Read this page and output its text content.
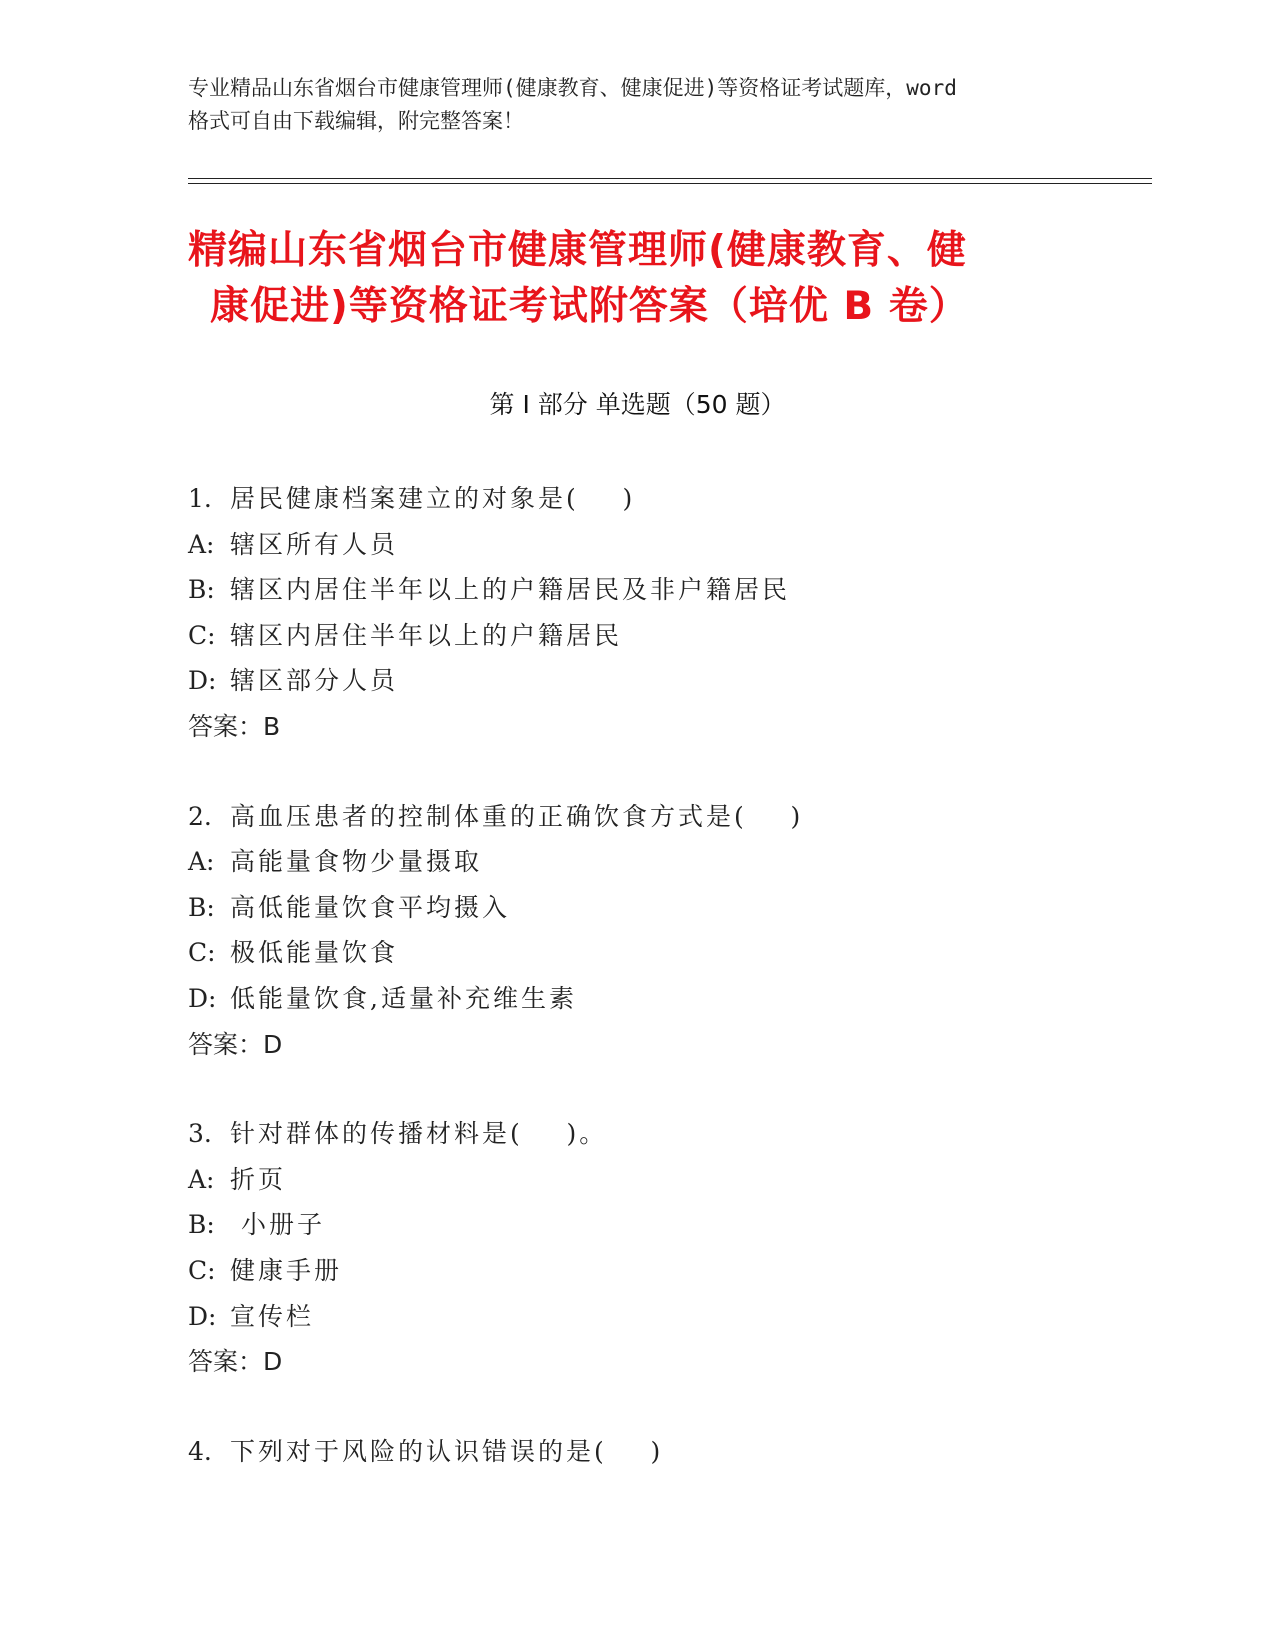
专业精品山东省烟台市健康管理师(健康教育、健康促进)等资格证考试题库，word
格式可自由下载编辑，附完整答案！
精编山东省烟台市健康管理师(健康教育、健
康促进)等资格证考试附答案（培优 B 卷）
第 I 部分 单选题（50 题）
1. 居民健康档案建立的对象是(    )
A: 辖区所有人员
B: 辖区内居住半年以上的户籍居民及非户籍居民
C: 辖区内居住半年以上的户籍居民
D: 辖区部分人员
答案：B
2. 高血压患者的控制体重的正确饮食方式是(    )
A: 高能量食物少量摄取
B: 高低能量饮食平均摄入
C: 极低能量饮食
D: 低能量饮食,适量补充维生素
答案：D
3. 针对群体的传播材料是(    )。
A: 折页
B: 小册子
C: 健康手册
D: 宣传栏
答案：D
4. 下列对于风险的认识错误的是(    )
